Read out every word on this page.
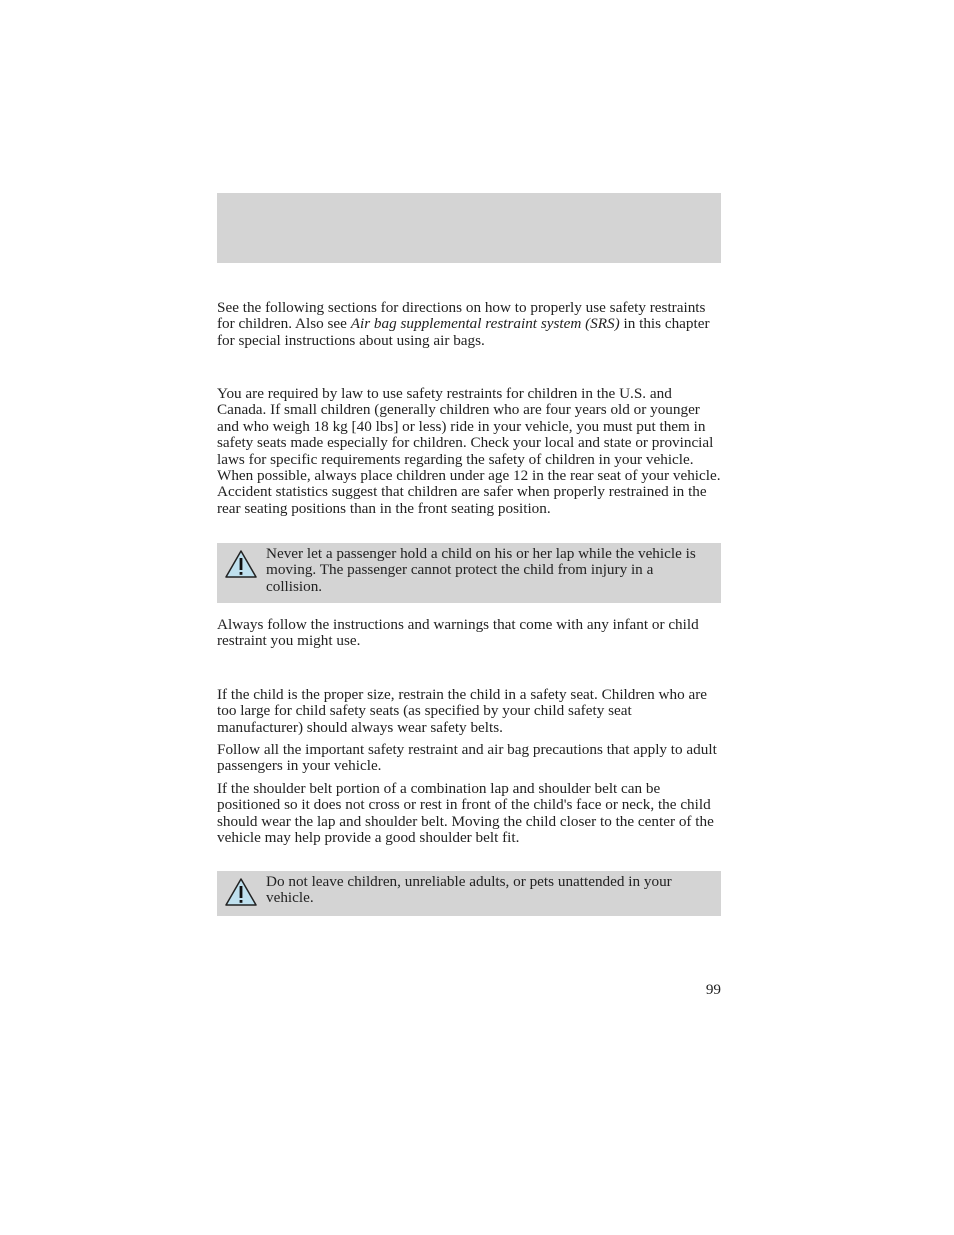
See the following sections for directions on how to properly use safety restraints for children. Also see Air bag supplemental restraint system (SRS) in this chapter for special instructions about using air bags.

You are required by law to use safety restraints for children in the U.S. and Canada. If small children (generally children who are four years old or younger and who weigh 18 kg [40 lbs] or less) ride in your vehicle, you must put them in safety seats made especially for children. Check your local and state or provincial laws for specific requirements regarding the safety of children in your vehicle. When possible, always place children under age 12 in the rear seat of your vehicle. Accident statistics suggest that children are safer when properly restrained in the rear seating positions than in the front seating position.

Never let a passenger hold a child on his or her lap while the vehicle is moving. The passenger cannot protect the child from injury in a collision.

Always follow the instructions and warnings that come with any infant or child restraint you might use.

If the child is the proper size, restrain the child in a safety seat. Children who are too large for child safety seats (as specified by your child safety seat manufacturer) should always wear safety belts.

Follow all the important safety restraint and air bag precautions that apply to adult passengers in your vehicle.

If the shoulder belt portion of a combination lap and shoulder belt can be positioned so it does not cross or rest in front of the child's face or neck, the child should wear the lap and shoulder belt. Moving the child closer to the center of the vehicle may help provide a good shoulder belt fit.

Do not leave children, unreliable adults, or pets unattended in your vehicle.
99
